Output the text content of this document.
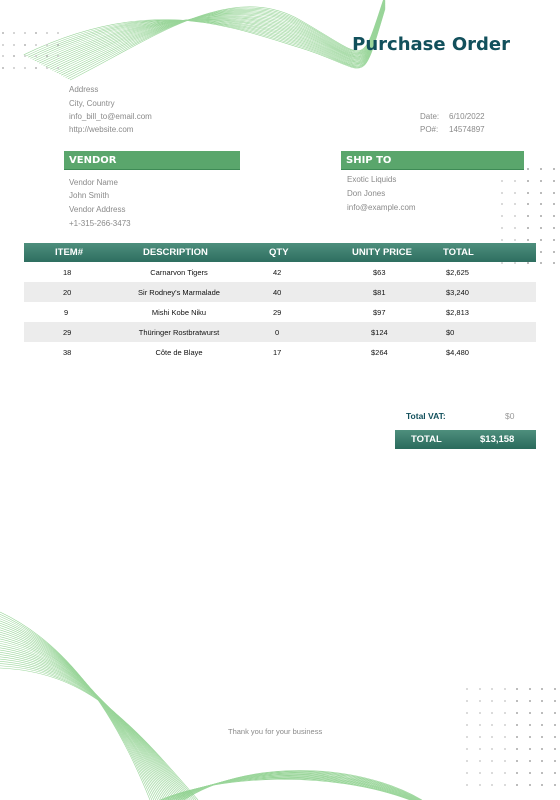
Purchase Order
Address
City, Country
info_bill_to@email.com
http://website.com
Date: 6/10/2022
PO#: 14574897
VENDOR
Vendor Name
John Smith
Vendor Address
+1-315-266-3473
SHIP TO
Exotic Liquids
Don Jones
info@example.com
ITEM#	DESCRIPTION	QTY	UNITY PRICE	TOTAL
18	Carnarvon Tigers	42	$63	$2,625
20	Sir Rodney's Marmalade	40	$81	$3,240
9	Mishi Kobe Niku	29	$97	$2,813
29	Thüringer Rostbratwurst	0	$124	$0
38	Côte de Blaye	17	$264	$4,480
Total VAT:	$0
TOTAL	$13,158
Thank you for your business
